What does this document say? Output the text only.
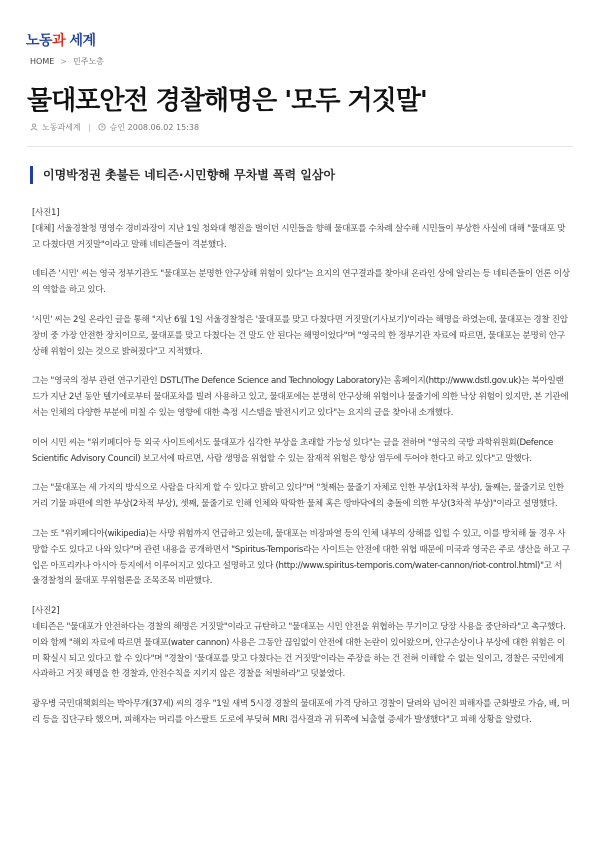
노동과 세계
HOME > 민주노총
물대포안전 경찰해명은 '모두 거짓말'
노동과세계	승인 2008.06.02 15:38
이명박정권 촛불든 네티즌·시민향해 무차별 폭력 일삼아

[사진1]
[대체] 서울경찰청 명영수 경비과장이 지난 1일 청와대 행진을 벌이던 시민들을 향해 물대포를 수차례 살수해 시민들이 부상한 사실에 대해 "물대포 맞고 다쳤다면 거짓말"이라고 말해 네티즌들이 격분했다.

네티즌 '시민' 씨는 영국 정부기관도 "물대포는 분명한 안구상해 위험이 있다"는 요지의 연구결과를 찾아내 온라인 상에 알리는 등 네티즌들이 언론 이상의 역할을 하고 있다.

'시민' 씨는 2일 온라인 글을 통해 "지난 6월 1일 서울경찰청은 '물대포를 맞고 다쳤다면 거짓말(기사보기)'이라는 해명을 하였는데, 물대포는 경찰 진압 장비 중 가장 안전한 장치이므로, 물대포를 맞고 다쳤다는 건 말도 안 된다는 해명이었다"며 "영국의 한 정부기관 자료에 따르면, 물대포는 분명히 안구상해 위험이 있는 것으로 밝혀졌다"고 지적했다.

그는 "영국의 정부 관련 연구기관인 DSTL(The Defence Science and Technology Laboratory)는 홈페이지(http://www.dstl.gov.uk)는 북아일랜드가 지난 2년 동안 텔기에로부터 물대포차를 빌려 사용하고 있고, 물대포에는 분명히 안구상해 위험이나 물줄기에 의한 낙상 위험이 있지만, 본 기관에서는 인체의 다양한 부분에 미칠 수 있는 영향에 대한 측정 시스템을 발전시키고 있다"는 요지의 글을 찾아내 소개했다.

이어 시민 씨는 "위키페디아 등 외국 사이트에서도 물대포가 심각한 부상을 초래할 가능성 있다"는 글을 전하며 "영국의 국방 과학위원회(Defence Scientific Advisory Council) 보고서에 따르면, 사람 생명을 위협할 수 있는 잠재적 위험은 항상 염두에 두어야 한다고 하고 있다"고 말했다.

그는 "물대포는 세 가지의 방식으로 사람을 다치게 할 수 있다고 밝히고 있다"며 "첫째는 물줄기 자체로 인한 부상(1차적 부상), 둘째는, 물줄기로 인한 거리 기물 파편에 의한 부상(2차적 부상), 셋째, 물줄기로 인해 인체와 딱딱한 물체 혹은 땅바닥에의 충돌에 의한 부상(3차적 부상)"이라고 설명했다.

그는 또 "위키페디아(wikipedia)는 사망 위험까지 언급하고 있는데, 물대포는 비장파열 등의 인체 내부의 상해를 입힐 수 있고, 이를 방치해 둘 경우 사망할 수도 있다고 나와 있다"며 관련 내용을 공개하면서 "Spiritus-Temporis라는 사이트는 안전에 대한 위협 때문에 미국과 영국은 주로 생산을 하고 구입은 아프리카나 아시아 등지에서 이루어지고 있다고 설명하고 있다 (http://www.spiritus-temporis.com/water-cannon/riot-control.html)"고 서울경찰청의 물대포 무위험론을 조목조목 비판했다.

[사진2]
네티즌은 "물대포가 안전하다는 경찰의 해명은 거짓말"이라고 규탄하고 "물대포는 시민 안전을 위협하는 무기이고 당장 사용을 중단하라"고 촉구했다. 이와 함께 "해외 자료에 따르면 물대포(water cannon) 사용은 그동안 끊임없이 안전에 대한 논란이 있어왔으며, 안구손상이나 부상에 대한 위험은 이미 확실시 되고 있다고 할 수 있다"며 "경찰이 '물대포를 맞고 다쳤다는 건 거짓말'이라는 주장을 하는 건 전혀 이해할 수 없는 일이고, 경찰은 국민에게 사과하고 거짓 해명을 한 경찰과, 안전수칙을 지키지 않은 경찰을 처벌하라"고 덧붙였다.

광우병 국민대책회의는 박아무개(37세) 씨의 경우 "1일 새벽 5시경 경찰의 물대포에 가격 당하고 경찰이 달려와 넘어진 피해자를 군화발로 가슴, 배, 머리 등을 집단구타 했으며, 피해자는 머리를 아스팔트 도로에 부딪혀 MRI 검사결과 귀 뒤쪽에 뇌출혈 증세가 발생했다"고 피해 상황을 알렸다.
